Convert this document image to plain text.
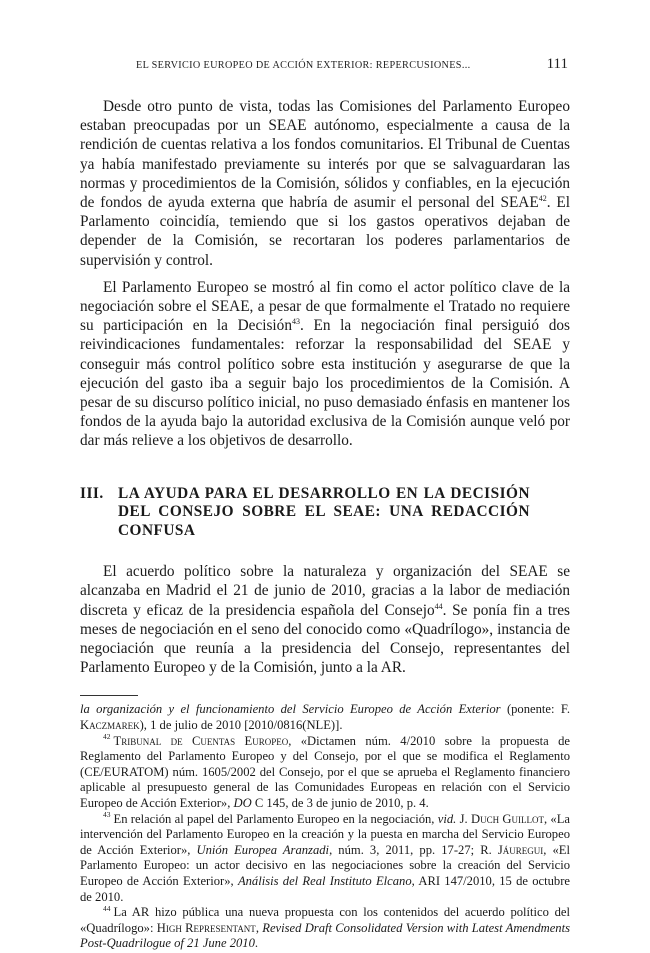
EL SERVICIO EUROPEO DE ACCIÓN EXTERIOR: REPERCUSIONES...	111

Desde otro punto de vista, todas las Comisiones del Parlamento Europeo estaban preocupadas por un SEAE autónomo, especialmente a causa de la rendición de cuentas relativa a los fondos comunitarios. El Tribunal de Cuentas ya había manifestado previamente su interés por que se salvaguardaran las normas y procedimientos de la Comisión, sólidos y confiables, en la ejecución de fondos de ayuda externa que habría de asumir el personal del SEAE$^{42}$. El Parlamento coincidía, temiendo que si los gastos operativos dejaban de depender de la Comisión, se recortaran los poderes parlamentarios de supervisión y control.

El Parlamento Europeo se mostró al fin como el actor político clave de la negociación sobre el SEAE, a pesar de que formalmente el Tratado no requiere su participación en la Decisión$^{43}$. En la negociación final persiguió dos reivindicaciones fundamentales: reforzar la responsabilidad del SEAE y conseguir más control político sobre esta institución y asegurarse de que la ejecución del gasto iba a seguir bajo los procedimientos de la Comisión. A pesar de su discurso político inicial, no puso demasiado énfasis en mantener los fondos de la ayuda bajo la autoridad exclusiva de la Comisión aunque veló por dar más relieve a los objetivos de desarrollo.

III. LA AYUDA PARA EL DESARROLLO EN LA DECISIÓN DEL CONSEJO SOBRE EL SEAE: UNA REDACCIÓN CONFUSA

El acuerdo político sobre la naturaleza y organización del SEAE se alcanzaba en Madrid el 21 de junio de 2010, gracias a la labor de mediación discreta y eficaz de la presidencia española del Consejo$^{44}$. Se ponía fin a tres meses de negociación en el seno del conocido como «Quadrílogo», instancia de negociación que reunía a la presidencia del Consejo, representantes del Parlamento Europeo y de la Comisión, junto a la AR.

la organización y el funcionamiento del Servicio Europeo de Acción Exterior (ponente: F. Kaczmarek), 1 de julio de 2010 [2010/0816(NLE)].

$^{42}$ Tribunal de Cuentas Europeo, «Dictamen núm. 4/2010 sobre la propuesta de Reglamento del Parlamento Europeo y del Consejo, por el que se modifica el Reglamento (CE/EURATOM) núm. 1605/2002 del Consejo, por el que se aprueba el Reglamento financiero aplicable al presupuesto general de las Comunidades Europeas en relación con el Servicio Europeo de Acción Exterior», DO C 145, de 3 de junio de 2010, p. 4.

$^{43}$ En relación al papel del Parlamento Europeo en la negociación, vid. J. Duch Guillot, «La intervención del Parlamento Europeo en la creación y la puesta en marcha del Servicio Europeo de Acción Exterior», Unión Europea Aranzadi, núm. 3, 2011, pp. 17-27; R. Jáuregui, «El Parlamento Europeo: un actor decisivo en las negociaciones sobre la creación del Servicio Europeo de Acción Exterior», Análisis del Real Instituto Elcano, ARI 147/2010, 15 de octubre de 2010.

$^{44}$ La AR hizo pública una nueva propuesta con los contenidos del acuerdo político del «Quadrílogo»: High Representant, Revised Draft Consolidated Version with Latest Amendments Post-Quadrilogue of 21 June 2010.
